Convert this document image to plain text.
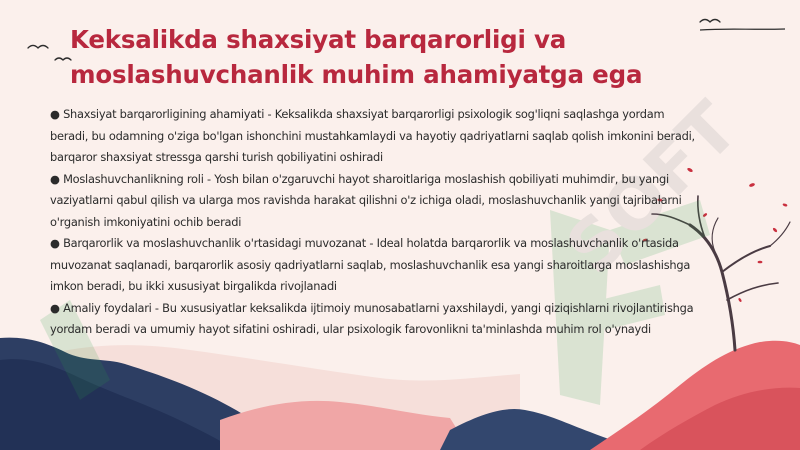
SOFT
Keksalikda shaxsiyat barqarorligi va moslashuvchanlik muhim ahamiyatga ega

● Shaxsiyat barqarorligining ahamiyati - Keksalikda shaxsiyat barqarorligi psixologik sog'liqni saqlashga yordam beradi, bu odamning o'ziga bo'lgan ishonchini mustahkamlaydi va hayotiy qadriyatlarni saqlab qolish imkonini beradi, barqaror shaxsiyat stressga qarshi turish qobiliyatini oshiradi

● Moslashuvchanlikning roli - Yosh bilan o'zgaruvchi hayot sharoitlariga moslashish qobiliyati muhimdir, bu yangi vaziyatlarni qabul qilish va ularga mos ravishda harakat qilishni o'z ichiga oladi, moslashuvchanlik yangi tajribalarni o'rganish imkoniyatini ochib beradi

● Barqarorlik va moslashuvchanlik o'rtasidagi muvozanat - Ideal holatda barqarorlik va moslashuvchanlik o'rtasida muvozanat saqlanadi, barqarorlik asosiy qadriyatlarni saqlab, moslashuvchanlik esa yangi sharoitlarga moslashishga imkon beradi, bu ikki xususiyat birgalikda rivojlanadi

● Amaliy foydalari - Bu xususiyatlar keksalikda ijtimoiy munosabatlarni yaxshilaydi, yangi qiziqishlarni rivojlantirishga yordam beradi va umumiy hayot sifatini oshiradi, ular psixologik farovonlikni ta'minlashda muhim rol o'ynaydi
